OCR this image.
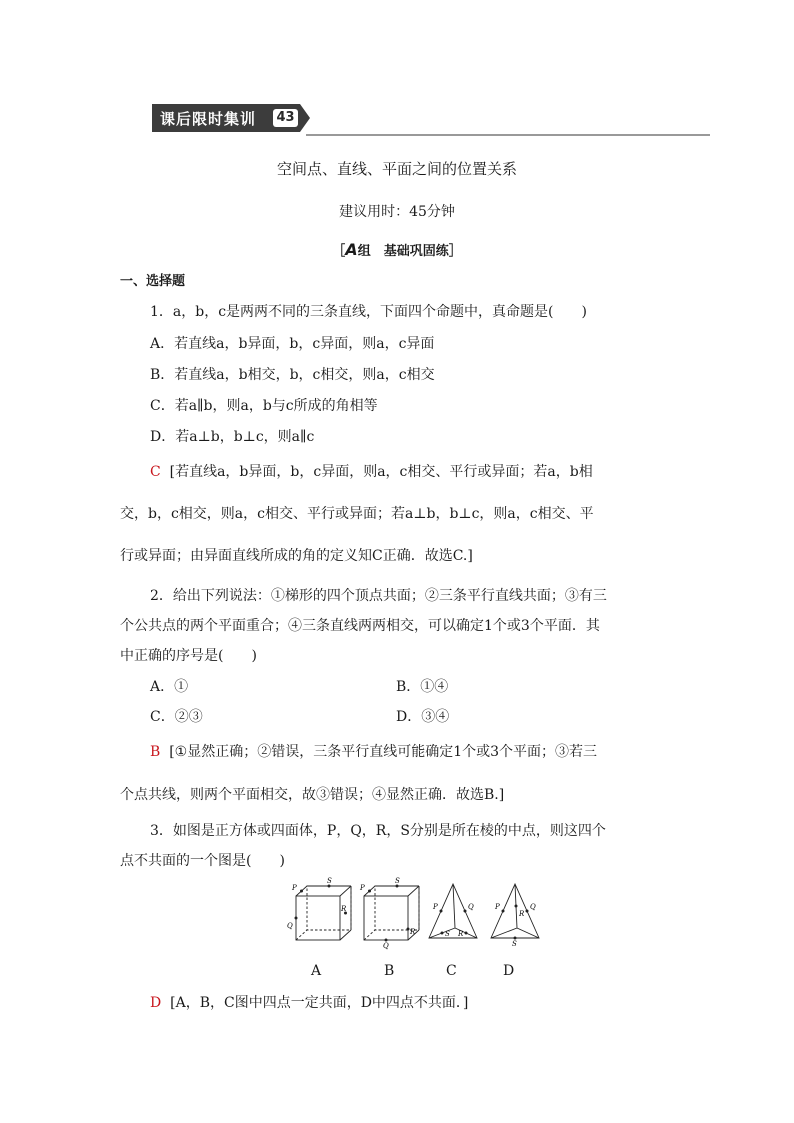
课后限时集训 43
空间点、直线、平面之间的位置关系
建议用时：45分钟
［A组　基础巩固练］
一、选择题
1．a，b，c是两两不同的三条直线，下面四个命题中，真命题是(　　)
A．若直线a，b异面，b，c异面，则a，c异面
B．若直线a，b相交，b，c相交，则a，c相交
C．若a∥b，则a，b与c所成的角相等
D．若a⊥b，b⊥c，则a∥c
C [若直线a，b异面，b，c异面，则a，c相交、平行或异面；若a，b相
交，b，c相交，则a，c相交、平行或异面；若a⊥b，b⊥c，则a，c相交、平
行或异面；由异面直线所成的角的定义知C正确．故选C.]
2．给出下列说法：①梯形的四个顶点共面；②三条平行直线共面；③有三
个公共点的两个平面重合；④三条直线两两相交，可以确定1个或3个平面．其
中正确的序号是(　　)
A．①	B．①④
C．②③	D．③④
B [①显然正确；②错误，三条平行直线可能确定1个或3个平面；③若三
个点共线，则两个平面相交，故③错误；④显然正确．故选B.]
3．如图是正方体或四面体，P，Q，R，S分别是所在棱的中点，则这四个
点不共面的一个图是(　　)
P
S
R
Q
P
S
R
Q
P	Q
S R
P	Q
R
S
A	B	C	D
D [A，B，C图中四点一定共面，D中四点不共面．]
